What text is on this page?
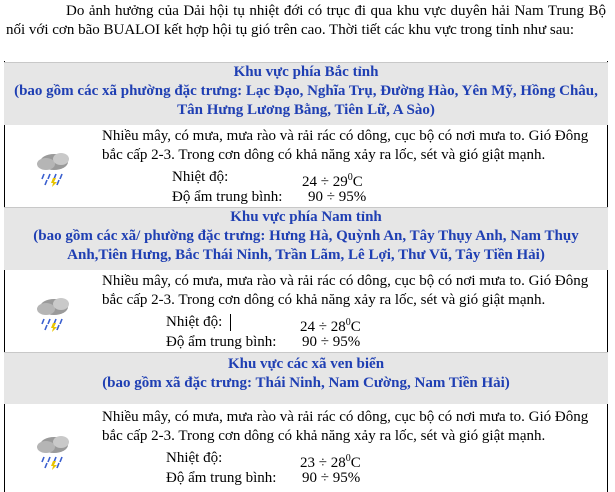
Do ảnh hưởng của Dải hội tụ nhiệt đới có trục đi qua khu vực duyên hải Nam Trung Bộ nối với cơn bão BUALOI kết hợp hội tụ gió trên cao. Thời tiết các khu vực trong tỉnh như sau:

Khu vực phía Bắc tỉnh
(bao gồm các xã phường đặc trưng: Lạc Đạo, Nghĩa Trụ, Đường Hào, Yên Mỹ, Hồng Châu, Tân Hưng Lương Bằng, Tiên Lữ, A Sào)
Nhiều mây, có mưa, mưa rào và rải rác có dông, cục bộ có nơi mưa to. Gió Đông bắc cấp 2-3. Trong cơn dông có khả năng xảy ra lốc, sét và gió giật mạnh.
Nhiệt độ:	$24 \div 29^0C$
Độ ẩm trung bình: 90 ÷ 95%
Khu vực phía Nam tỉnh
(bao gồm các xã/ phường đặc trưng: Hưng Hà, Quỳnh An, Tây Thụy Anh, Nam Thụy Anh,Tiên Hưng, Bắc Thái Ninh, Trần Lãm, Lê Lợi, Thư Vũ, Tây Tiền Hải)
Nhiều mây, có mưa, mưa rào và rải rác có dông, cục bộ có nơi mưa to. Gió Đông bắc cấp 2-3. Trong cơn dông có khả năng xảy ra lốc, sét và gió giật mạnh.
Nhiệt độ:	$24 \div 28^0C$
Độ ẩm trung bình: 90 ÷ 95%
Khu vực các xã ven biển
(bao gồm xã đặc trưng: Thái Ninh, Nam Cường, Nam Tiền Hải)
Nhiều mây, có mưa, mưa rào và rải rác có dông, cục bộ có nơi mưa to. Gió Đông bắc cấp 2-3. Trong cơn dông có khả năng xảy ra lốc, sét và gió giật mạnh.
Nhiệt độ:	$23 \div 28^0C$
Độ ẩm trung bình: 90 ÷ 95%
